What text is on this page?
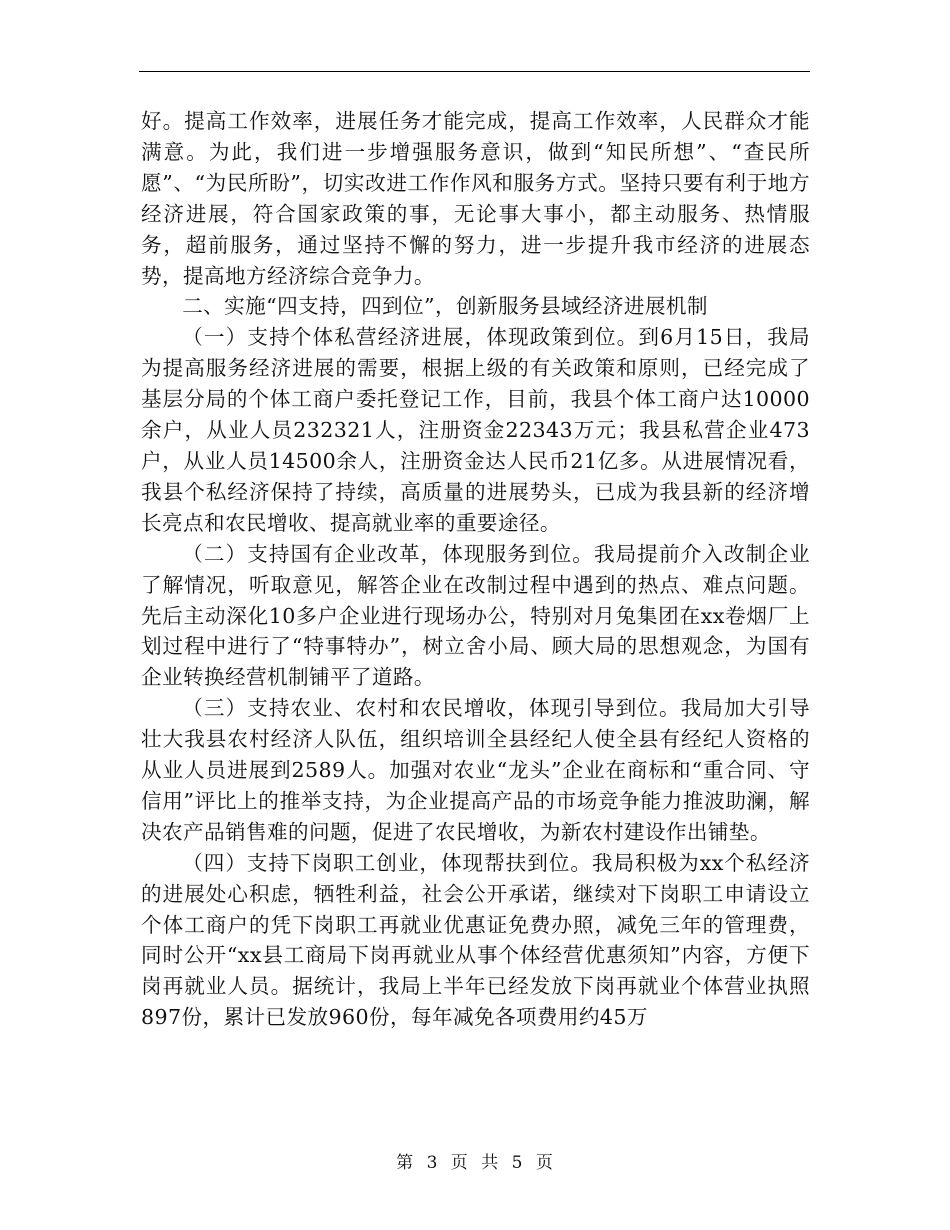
好。提高工作效率，进展任务才能完成，提高工作效率，人民群众才能满意。为此，我们进一步增强服务意识，做到“知民所想”、“查民所愿”、“为民所盼”，切实改进工作作风和服务方式。坚持只要有利于地方经济进展，符合国家政策的事，无论事大事小，都主动服务、热情服务，超前服务，通过坚持不懈的努力，进一步提升我市经济的进展态势，提高地方经济综合竞争力。

二、实施“四支持，四到位”，创新服务县域经济进展机制

（一）支持个体私营经济进展，体现政策到位。到6月15日，我局为提高服务经济进展的需要，根据上级的有关政策和原则，已经完成了基层分局的个体工商户委托登记工作，目前，我县个体工商户达10000余户，从业人员232321人，注册资金22343万元；我县私营企业473户，从业人员14500余人，注册资金达人民币21亿多。从进展情况看，我县个私经济保持了持续，高质量的进展势头，已成为我县新的经济增长亮点和农民增收、提高就业率的重要途径。

（二）支持国有企业改革，体现服务到位。我局提前介入改制企业了解情况，听取意见，解答企业在改制过程中遇到的热点、难点问题。先后主动深化10多户企业进行现场办公，特别对月兔集团在xx卷烟厂上划过程中进行了“特事特办”，树立舍小局、顾大局的思想观念，为国有企业转换经营机制铺平了道路。

（三）支持农业、农村和农民增收，体现引导到位。我局加大引导壮大我县农村经济人队伍，组织培训全县经纪人使全县有经纪人资格的从业人员进展到2589人。加强对农业“龙头”企业在商标和“重合同、守信用”评比上的推举支持，为企业提高产品的市场竞争能力推波助澜，解决农产品销售难的问题，促进了农民增收，为新农村建设作出铺垫。

（四）支持下岗职工创业，体现帮扶到位。我局积极为xx个私经济的进展处心积虑，牺牲利益，社会公开承诺，继续对下岗职工申请设立个体工商户的凭下岗职工再就业优惠证免费办照，减免三年的管理费，同时公开“xx县工商局下岗再就业从事个体经营优惠须知”内容，方便下岗再就业人员。据统计，我局上半年已经发放下岗再就业个体营业执照897份，累计已发放960份，每年减免各项费用约45万

第 3 页 共 5 页
